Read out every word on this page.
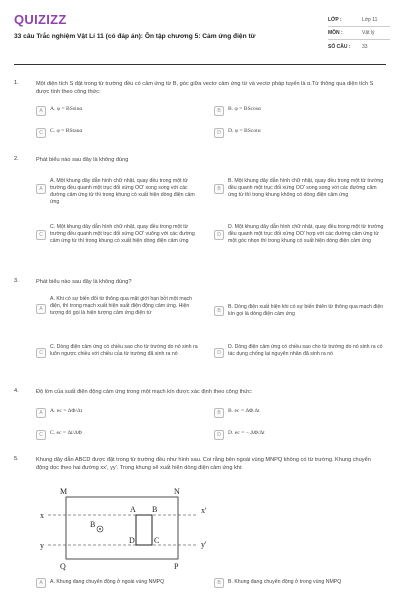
QUIZIZZ
33 câu Trắc nghiệm Vật Lí 11 (có đáp án): Ôn tập chương 5: Cảm ứng điện từ
LỚP :	Lớp 11
MÔN :	Vật lý
SỐ CÂU :	33
1.	Một diện tích S đặt trong từ trường đều có cảm ứng từ B, góc giữa vectơ cảm ứng từ và vectơ pháp tuyến là α.Từ thông qua diện tích S được tính theo công thức:
A	A. φ = BSsinα	B	B. φ = BScosα
C	C. φ = BStanα	D	D. φ = BScotα
2.	Phát biểu nào sau đây là không đúng
A
A. Một khung dây dẫn hình chữ nhật, quay đều trong một từ trường đều quanh một trục đối xứng OO' song song với các đường cảm ứng từ thì trong khung có xuất hiện dòng điện cảm ứng
B
B. Một khung dây dẫn hình chữ nhật, quay đều trong một từ trường đều quanh một trục đối xứng OO' song song với các đường cảm ứng từ thì trong khung không có dòng điện cảm ứng
C
C. Một khung dây dẫn hình chữ nhật, quay đều trong một từ trường đều quanh một trục đối xứng OO' vuông với các đường cảm ứng từ thì trong khung có xuất hiện dòng điện cảm ứng
D
D. Một khung dây dẫn hình chữ nhật, quay đều trong một từ trường đều quanh một trục đối xứng OO' hợp với các đường cảm ứng từ một góc nhọn thì trong khung có xuất hiện dòng điện cảm ứng
3.	Phát biểu nào sau đây là không đúng?
A
A. Khi có sự biến đổi từ thông qua mặt giới hạn bởi một mạch điện, thì trong mạch xuất hiện suất điện động cảm ứng. Hiện tượng đó gọi là hiện tượng cảm ứng điện từ	B
B. Dòng điện xuất hiện khi có sự biến thiên từ thông qua mạch điện kín gọi là dòng điện cảm ứng
C
C. Dòng điện cảm ứng có chiều sao cho từ trường do nó sinh ra luôn ngược chiều với chiều của từ trường đã sinh ra nó	D
D. Dòng điện cảm ứng có chiều sao cho từ trường do nó sinh ra có tác dụng chống lại nguyên nhân đã sinh ra nó
4.	Độ lớn của suất điện động cảm ứng trong một mạch kín được xác định theo công thức:
A	A. ec = ΔΦ/Δt	B	B. ec = ΔΦ.Δt
C	C. ec = Δt/ΔΦ	D	D. ec = − ΔΦ/Δt
5.	Khung dây dẫn ABCD được đặt trong từ trường đều như hình sau. Coi rằng bên ngoài vùng MNPQ không có từ trường. Khung chuyển động dọc theo hai đường xx', yy'. Trong khung sẽ xuất hiện dòng điện cảm ứng khi:
M	N
P
Q
A B
C
D
x
x'
y	y'
B
A	A. Khung đang chuyển động ở ngoài vùng NMPQ	B	B. Khung đang chuyển động ở trong vùng NMPQ
